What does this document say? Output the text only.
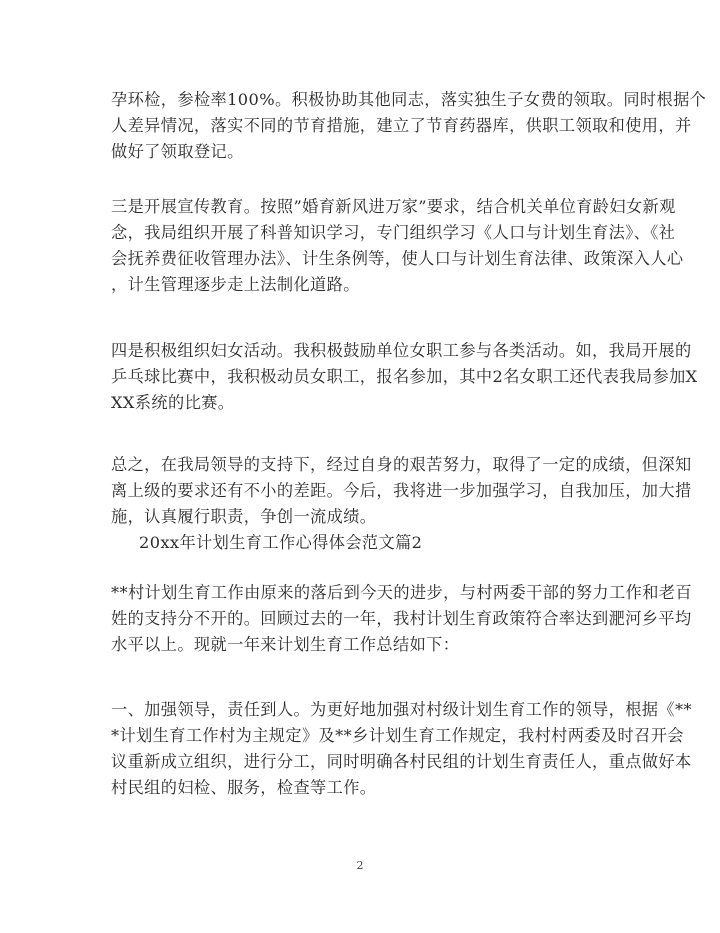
孕环检，参检率100%。积极协助其他同志，落实独生子女费的领取。同时根据个
人差异情况，落实不同的节育措施，建立了节育药器库，供职工领取和使用，并
做好了领取登记。
三是开展宣传教育。按照”婚育新风进万家”要求，结合机关单位育龄妇女新观
念，我局组织开展了科普知识学习，专门组织学习《人口与计划生育法》、《社
会抚养费征收管理办法》、计生条例等，使人口与计划生育法律、政策深入人心
，计生管理逐步走上法制化道路。
四是积极组织妇女活动。我积极鼓励单位女职工参与各类活动。如，我局开展的
乒乓球比赛中，我积极动员女职工，报名参加，其中2名女职工还代表我局参加X
XX系统的比赛。
总之，在我局领导的支持下，经过自身的艰苦努力，取得了一定的成绩，但深知
离上级的要求还有不小的差距。今后，我将进一步加强学习，自我加压，加大措
施，认真履行职责，争创一流成绩。
20xx年计划生育工作心得体会范文篇2
**村计划生育工作由原来的落后到今天的进步，与村两委干部的努力工作和老百
姓的支持分不开的。回顾过去的一年，我村计划生育政策符合率达到淝河乡平均
水平以上。现就一年来计划生育工作总结如下：
一、加强领导，责任到人。为更好地加强对村级计划生育工作的领导，根据《**
*计划生育工作村为主规定》及**乡计划生育工作规定，我村村两委及时召开会
议重新成立组织，进行分工，同时明确各村民组的计划生育责任人，重点做好本
村民组的妇检、服务，检查等工作。
2
